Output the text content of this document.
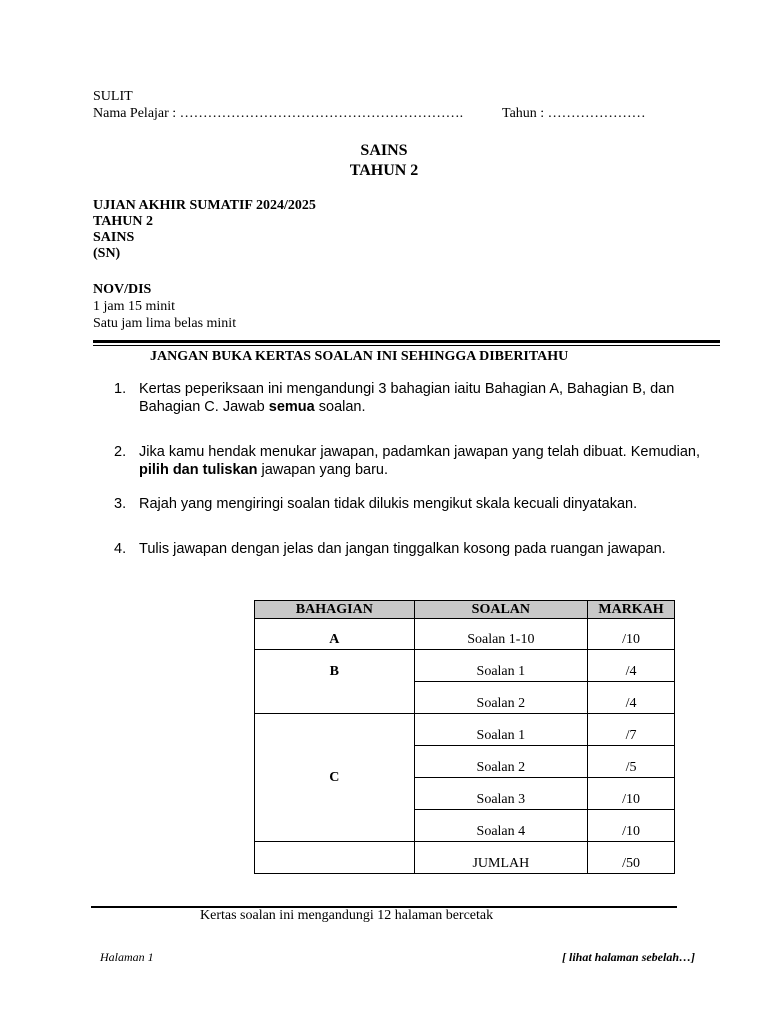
SULIT
Nama Pelajar : …………………………………………………….	Tahun : …………………
SAINS
TAHUN 2
UJIAN AKHIR SUMATIF 2024/2025
TAHUN 2
SAINS
(SN)
NOV/DIS
1 jam 15 minit
Satu jam lima belas minit
JANGAN BUKA KERTAS SOALAN INI SEHINGGA DIBERITAHU
1. Kertas peperiksaan ini mengandungi 3 bahagian iaitu Bahagian A, Bahagian B, dan Bahagian C. Jawab semua soalan.
2. Jika kamu hendak menukar jawapan, padamkan jawapan yang telah dibuat. Kemudian, pilih dan tuliskan jawapan yang baru.
3. Rajah yang mengiringi soalan tidak dilukis mengikut skala kecuali dinyatakan.
4. Tulis jawapan dengan jelas dan jangan tinggalkan kosong pada ruangan jawapan.
BAHAGIAN	SOALAN	MARKAH
A	Soalan 1-10	/10
B	Soalan 1	/4
	Soalan 2	/4
C	Soalan 1	/7
	Soalan 2	/5
	Soalan 3	/10
	Soalan 4	/10
	JUMLAH	/50
Kertas soalan ini mengandungi 12 halaman bercetak
Halaman 1	[ lihat halaman sebelah…]
